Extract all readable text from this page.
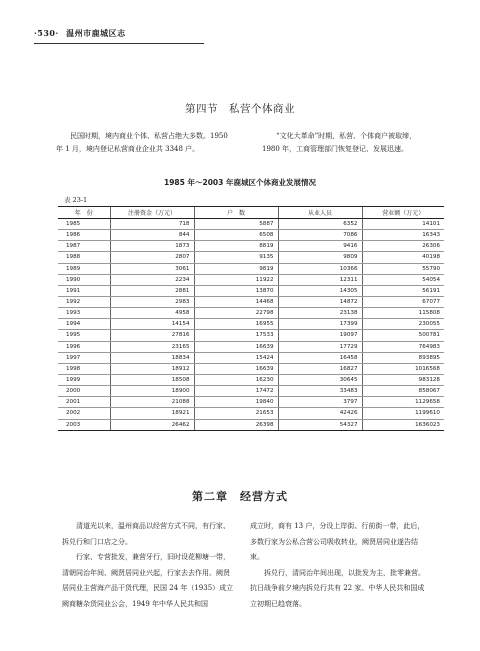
·530· 温州市鹿城区志
第四节　私营个体商业
民国时期，境内商业个体、私营占绝大多数。1950 年 1 月，境内登记私营商业企业共 3348 户。
“文化大革命”时期，私营、个体商户被取缔，
1980 年，工商管理部门恢复登记、发展迅速。
1985 年～2003 年鹿城区个体商业发展情况
表 23-1
年　份	注册资金（万元）	户　数	从业人员	营业额（万元）
1985	718	5887	6352	14101
1986	844	6508	7086	16343
1987	1873	8819	9416	26306
1988	2807	9135	9809	40198
1989	3061	9819	10366	55790
1990	2234	11922	12311	54054
1991	2881	13870	14305	56191
1992	2983	14468	14872	67077
1993	4958	22798	23138	115808
1994	14154	16955	17399	230055
1995	27816	17533	19097	500781
1996	23165	16639	17729	764983
1997	18834	15424	16458	893895
1998	18912	16639	16827	1016568
1999	18508	16230	30645	983128
2000	18900	17472	33483	858067
2001	21088	19840	3797	1129658
2002	18921	21653	42426	1199610
2003	26462	26398	54327	1636023
第二章　经营方式

清道光以来，温州商品以经营方式不同，有行家、拆兑行和门口店之分。

行家、专营批发，兼营牙行，旧时设花柳塘一带，清朝同治年间、阙贤居同业兴起，行家去去作用。阙贤居同业主营海产品干货代理，民国 24 年（1935）成立阙商糖杂货同业公会，1949 年中华人民共和国

成立时，商有 13 户，分设上岸街、行前街一带，此后，多数行家为公私合营公司吸收转业，阙贤居同业遂告结束。

拆兑行，清同治年间出现，以批发为主，批零兼营。抗日战争前夕境内拆兑行共有 22 家、中华人民共和国成立初期已趋衰落。
